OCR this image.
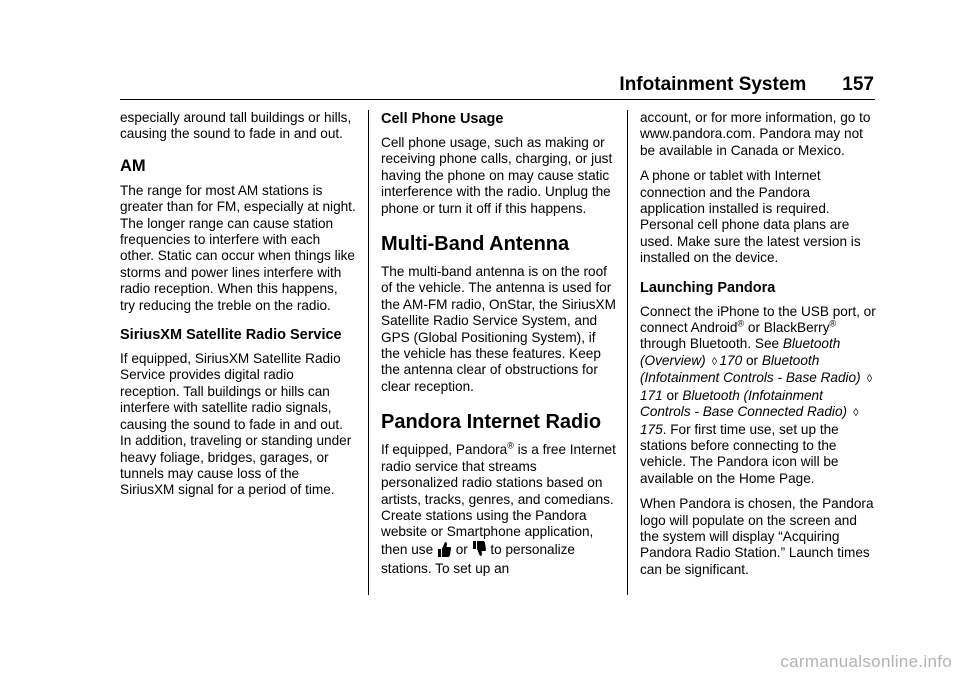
Infotainment System 157

especially around tall buildings or hills, causing the sound to fade in and out.

AM

The range for most AM stations is greater than for FM, especially at night. The longer range can cause station frequencies to interfere with each other. Static can occur when things like storms and power lines interfere with radio reception. When this happens, try reducing the treble on the radio.

SiriusXM Satellite Radio Service

If equipped, SiriusXM Satellite Radio Service provides digital radio reception. Tall buildings or hills can interfere with satellite radio signals, causing the sound to fade in and out. In addition, traveling or standing under heavy foliage, bridges, garages, or tunnels may cause loss of the SiriusXM signal for a period of time.

Cell Phone Usage

Cell phone usage, such as making or receiving phone calls, charging, or just having the phone on may cause static interference with the radio. Unplug the phone or turn it off if this happens.

Multi-Band Antenna

The multi-band antenna is on the roof of the vehicle. The antenna is used for the AM-FM radio, OnStar, the SiriusXM Satellite Radio Service System, and GPS (Global Positioning System), if the vehicle has these features. Keep the antenna clear of obstructions for clear reception.

Pandora Internet Radio

If equipped, Pandora® is a free Internet radio service that streams personalized radio stations based on artists, tracks, genres, and comedians. Create stations using the Pandora website or Smartphone application, then use  or  to personalize stations. To set up an

account, or for more information, go to www.pandora.com. Pandora may not be available in Canada or Mexico.

A phone or tablet with Internet connection and the Pandora application installed is required. Personal cell phone data plans are used. Make sure the latest version is installed on the device.

Launching Pandora

Connect the iPhone to the USB port, or connect Android® or BlackBerry® through Bluetooth. See Bluetooth (Overview) ◊ 170 or Bluetooth (Infotainment Controls - Base Radio) ◊171 or Bluetooth (Infotainment Controls - Base Connected Radio) ◊175. For first time use, set up the stations before connecting to the vehicle. The Pandora icon will be available on the Home Page.

When Pandora is chosen, the Pandora logo will populate on the screen and the system will display “Acquiring Pandora Radio Station.” Launch times can be significant.

carmanualsonline.info
